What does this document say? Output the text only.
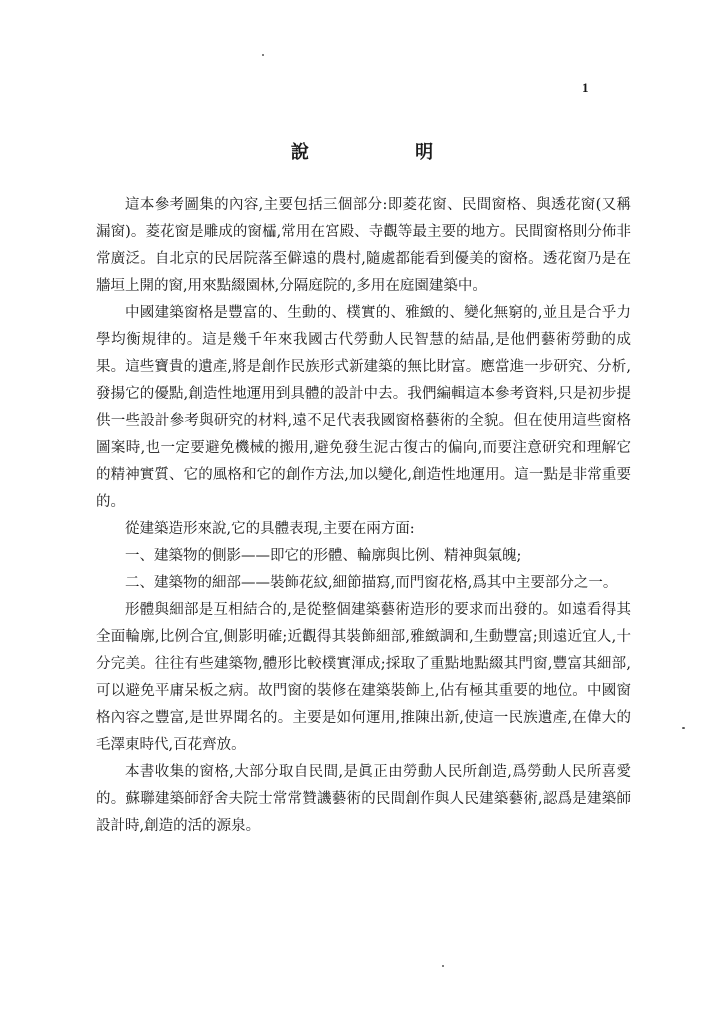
1
說 明

這本參考圖集的內容,主要包括三個部分:即菱花窗、民間窗格、與透花窗(又稱漏窗)。菱花窗是雕成的窗櫺,常用在宮殿、寺觀等最主要的地方。民間窗格則分佈非常廣泛。自北京的民居院落至僻遠的農村,隨處都能看到優美的窗格。透花窗乃是在牆垣上開的窗,用來點綴園林,分隔庭院的,多用在庭園建築中。

中國建築窗格是豐富的、生動的、樸實的、雅緻的、變化無窮的,並且是合乎力學均衡規律的。這是幾千年來我國古代勞動人民智慧的結晶,是他們藝術勞動的成果。這些寶貴的遺產,將是創作民族形式新建築的無比財富。應當進一步研究、分析,發揚它的優點,創造性地運用到具體的設計中去。我們編輯這本參考資料,只是初步提供一些設計參考與研究的材料,遠不足代表我國窗格藝術的全貌。但在使用這些窗格圖案時,也一定要避免機械的搬用,避免發生泥古復古的偏向,而要注意研究和理解它的精神實質、它的風格和它的創作方法,加以變化,創造性地運用。這一點是非常重要的。

從建築造形來說,它的具體表現,主要在兩方面:

一、建築物的側影——即它的形體、輪廓與比例、精神與氣魄;

二、建築物的細部——裝飾花紋,細節描寫,而門窗花格,爲其中主要部分之一。

形體與細部是互相結合的,是從整個建築藝術造形的要求而出發的。如遠看得其全面輪廓,比例合宜,側影明確;近觀得其裝飾細部,雅緻調和,生動豐富;則遠近宜人,十分完美。往往有些建築物,體形比較樸實渾成;採取了重點地點綴其門窗,豐富其細部,可以避免平庸呆板之病。故門窗的裝修在建築裝飾上,佔有極其重要的地位。中國窗格內容之豐富,是世界聞名的。主要是如何運用,推陳出新,使這一民族遺產,在偉大的毛澤東時代,百花齊放。

本書收集的窗格,大部分取自民間,是眞正由勞動人民所創造,爲勞動人民所喜愛的。蘇聯建築師舒舍夫院士常常贊譏藝術的民間創作與人民建築藝術,認爲是建築師設計時,創造的活的源泉。
